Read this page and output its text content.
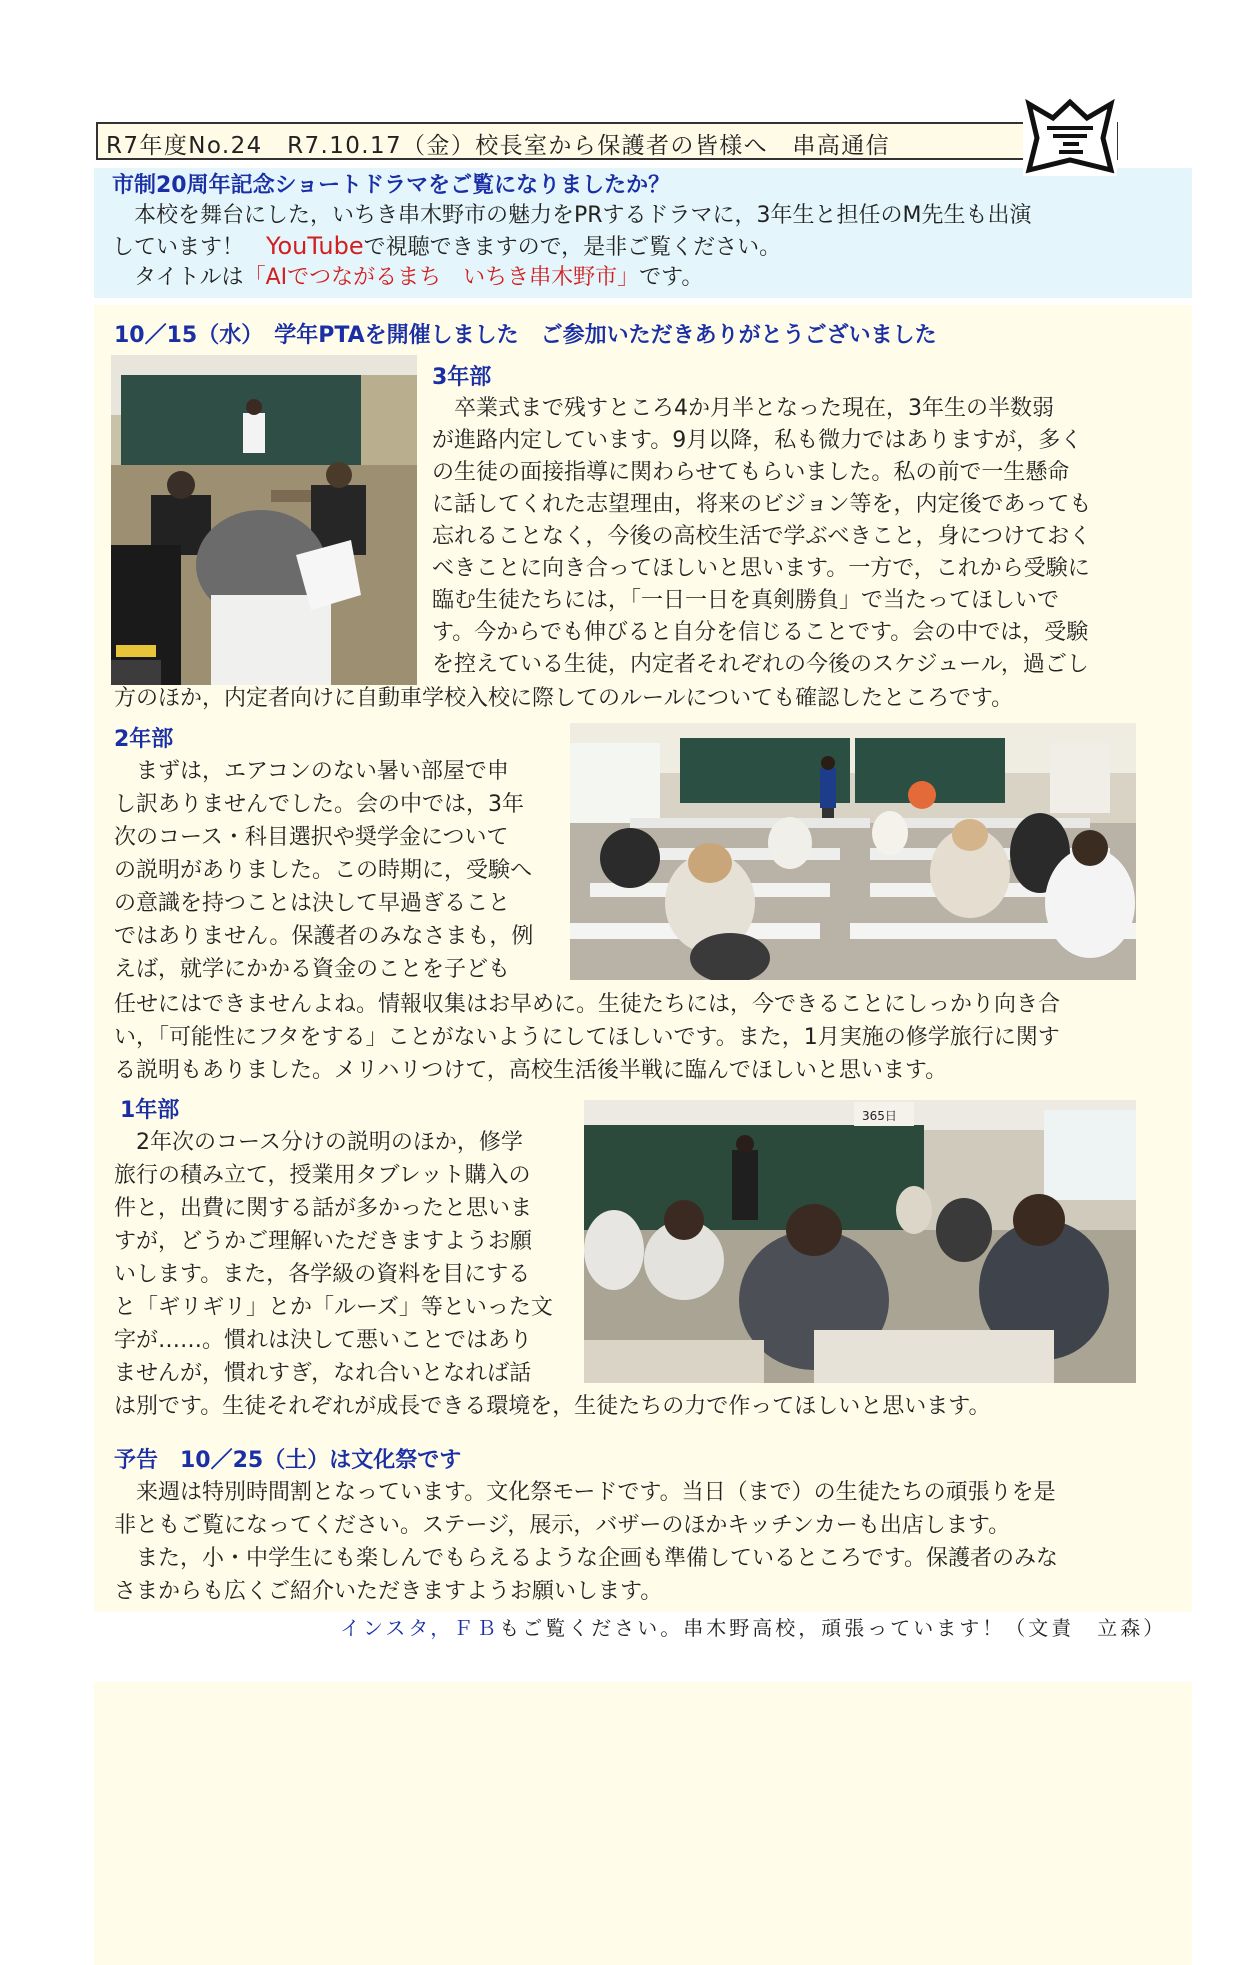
R7年度No.24　R7.10.17（金）校長室から保護者の皆様へ　串高通信
市制20周年記念ショートドラマをご覧になりましたか？
　本校を舞台にした，いちき串木野市の魅力をPRするドラマに，3年生と担任のM先生も出演
しています！　YouTubeで視聴できますので，是非ご覧ください。
　タイトルは「AIでつながるまち　いちき串木野市」です。
10／15（水）　学年PTAを開催しました　ご参加いただきありがとうございました
3年部
　卒業式まで残すところ4か月半となった現在，3年生の半数弱
が進路内定しています。9月以降，私も微力ではありますが，多く
の生徒の面接指導に関わらせてもらいました。私の前で一生懸命
に話してくれた志望理由，将来のビジョン等を，内定後であっても
忘れることなく，今後の高校生活で学ぶべきこと，身につけておく
べきことに向き合ってほしいと思います。一方で，これから受験に
臨む生徒たちには，「一日一日を真剣勝負」で当たってほしいで
す。今からでも伸びると自分を信じることです。会の中では，受験
を控えている生徒，内定者それぞれの今後のスケジュール，過ごし
方のほか，内定者向けに自動車学校入校に際してのルールについても確認したところです。
2年部
　まずは，エアコンのない暑い部屋で申
し訳ありませんでした。会の中では，3年
次のコース・科目選択や奨学金について
の説明がありました。この時期に，受験へ
の意識を持つことは決して早過ぎること
ではありません。保護者のみなさまも，例
えば，就学にかかる資金のことを子ども
任せにはできませんよね。情報収集はお早めに。生徒たちには，今できることにしっかり向き合
い，「可能性にフタをする」ことがないようにしてほしいです。また，1月実施の修学旅行に関す
る説明もありました。メリハリつけて，高校生活後半戦に臨んでほしいと思います。
1年部
　2年次のコース分けの説明のほか，修学
旅行の積み立て，授業用タブレット購入の
件と，出費に関する話が多かったと思いま
すが，どうかご理解いただきますようお願
いします。また，各学級の資料を目にする
と「ギリギリ」とか「ルーズ」等といった文
字が……。慣れは決して悪いことではあり
ませんが，慣れすぎ，なれ合いとなれば話
は別です。生徒それぞれが成長できる環境を，生徒たちの力で作ってほしいと思います。
365日
予告　10／25（土）は文化祭です
　来週は特別時間割となっています。文化祭モードです。当日（まで）の生徒たちの頑張りを是
非ともご覧になってください。ステージ，展示，バザーのほかキッチンカーも出店します。
　また，小・中学生にも楽しんでもらえるような企画も準備しているところです。保護者のみな
さまからも広くご紹介いただきますようお願いします。
インスタ，ＦＢもご覧ください。串木野高校，頑張っています！（文責　立森）
